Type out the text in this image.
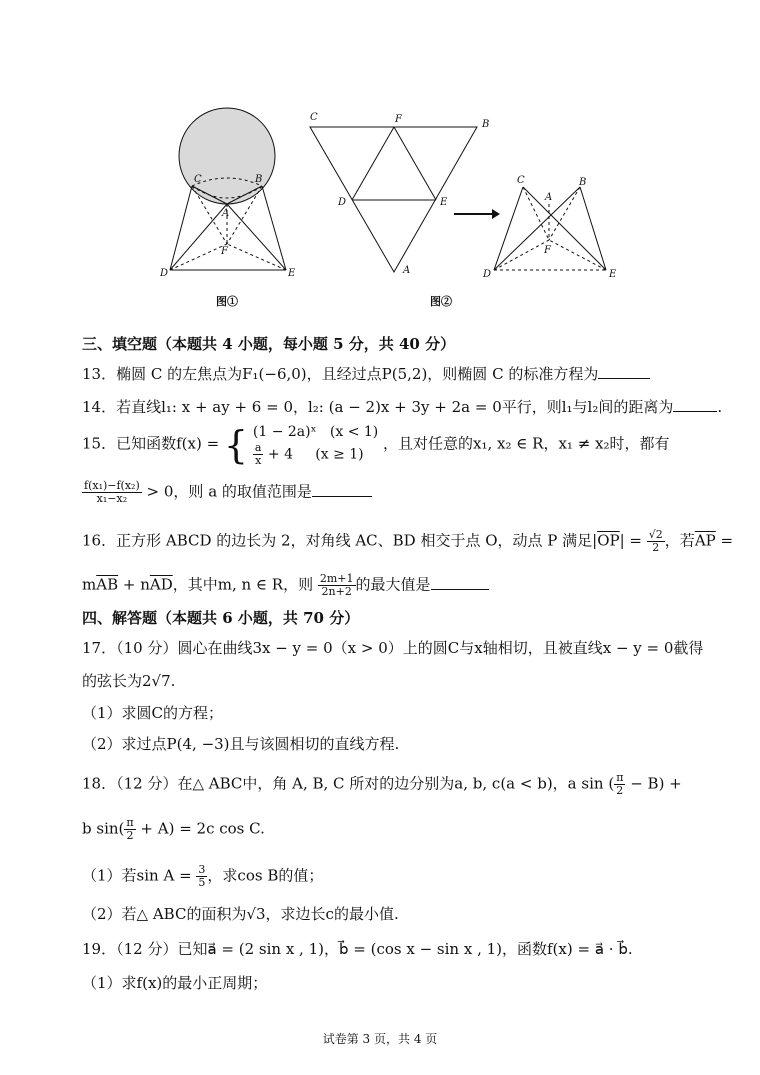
C	B
A
F
D	E
C	F	B
D	E
A
C
A
B
F
D	E
图①	图②
三、填空题（本题共 4 小题，每小题 5 分，共 40 分）
13．椭圆 C 的左焦点为F₁(−6,0)，且经过点P(5,2)，则椭圆 C 的标准方程为
14．若直线l₁: x + ay + 6 = 0，l₂: (a − 2)x + 3y + 2a = 0平行，则l₁与l₂间的距离为	.
15．已知函数f(x) = { (1 − 2a)ˣ (x < 1)
$\frac{a}{x} + 4$ (x ≥ 1)
，且对任意的x₁, x₂ ∈ R，x₁ ≠ x₂时，都有
$\frac{\text{f(x₁)−f(x₂)}}{\text{x₁−x₂}} > 0$，则 a 的取值范围是
16．正方形 ABCD 的边长为 2，对角线 AC、BD 相交于点 O，动点 P 满足$|\overline{OP}| = \frac{√2}{2}$ ，若$\overline{AP}$ =
$m\overline{AB} + n\overline{AD}$，其中m, n ∈ R，则 $\frac{2m+1}{2n+2}$ 的最大值是
四、解答题（本题共 6 小题，共 70 分）
17．（10 分）圆心在曲线3x − y = 0（x > 0）上的圆C与x轴相切，且被直线x − y = 0截得
的弦长为2√7.
（1）求圆C的方程；
（2）求过点P(4, −3)且与该圆相切的直线方程.
18．（12 分）在△ ABC中，角 A, B, C 所对的边分别为a, b, c(a < b)，a sin ( $\frac{\pi}{2} - B$) +
b $\sin( \frac{\pi}{2} + A) = 2c$ cos C.
（1）若$\sin A = \frac{3}{5}$ ，求cos B的值；
（2）若△ ABC的面积为√3，求边长c的最小值.
19．（12 分）已知a⃗ = (2 sin x , 1)，b⃗ = (cos x − sin x , 1)，函数f(x) = a⃗ · b⃗.
（1）求f(x)的最小正周期；
试卷第 3 页，共 4 页
